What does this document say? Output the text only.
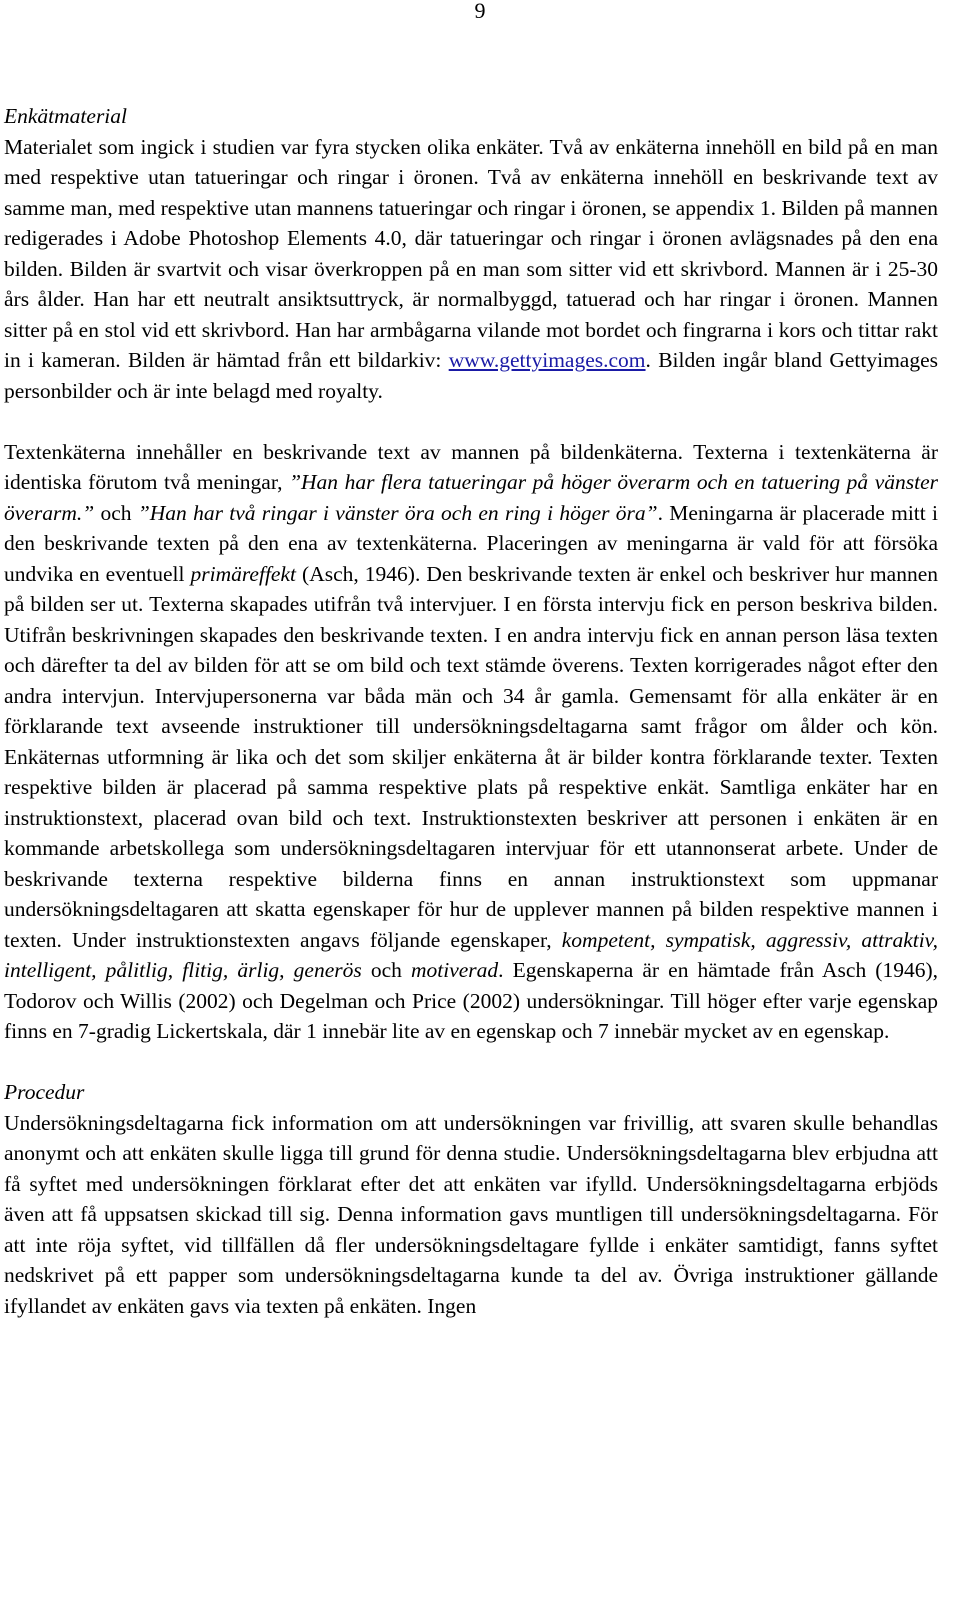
9

Enkätmaterial

Materialet som ingick i studien var fyra stycken olika enkäter. Två av enkäterna innehöll en bild på en man med respektive utan tatueringar och ringar i öronen. Två av enkäterna innehöll en beskrivande text av samme man, med respektive utan mannens tatueringar och ringar i öronen, se appendix 1. Bilden på mannen redigerades i Adobe Photoshop Elements 4.0, där tatueringar och ringar i öronen avlägsnades på den ena bilden. Bilden är svartvit och visar överkroppen på en man som sitter vid ett skrivbord. Mannen är i 25-30 års ålder. Han har ett neutralt ansiktsuttryck, är normalbyggd, tatuerad och har ringar i öronen. Mannen sitter på en stol vid ett skrivbord. Han har armbågarna vilande mot bordet och fingrarna i kors och tittar rakt in i kameran. Bilden är hämtad från ett bildarkiv: www.gettyimages.com. Bilden ingår bland Gettyimages personbilder och är inte belagd med royalty.

Textenkäterna innehåller en beskrivande text av mannen på bildenkäterna. Texterna i textenkäterna är identiska förutom två meningar, ”Han har flera tatueringar på höger överarm och en tatuering på vänster överarm.” och ”Han har två ringar i vänster öra och en ring i höger öra”. Meningarna är placerade mitt i den beskrivande texten på den ena av textenkäterna. Placeringen av meningarna är vald för att försöka undvika en eventuell primäreffekt (Asch, 1946). Den beskrivande texten är enkel och beskriver hur mannen på bilden ser ut. Texterna skapades utifrån två intervjuer. I en första intervju fick en person beskriva bilden. Utifrån beskrivningen skapades den beskrivande texten. I en andra intervju fick en annan person läsa texten och därefter ta del av bilden för att se om bild och text stämde överens. Texten korrigerades något efter den andra intervjun. Intervjupersonerna var båda män och 34 år gamla. Gemensamt för alla enkäter är en förklarande text avseende instruktioner till undersökningsdeltagarna samt frågor om ålder och kön. Enkäternas utformning är lika och det som skiljer enkäterna åt är bilder kontra förklarande texter. Texten respektive bilden är placerad på samma respektive plats på respektive enkät. Samtliga enkäter har en instruktionstext, placerad ovan bild och text. Instruktionstexten beskriver att personen i enkäten är en kommande arbetskollega som undersökningsdeltagaren intervjuar för ett utannonserat arbete. Under de beskrivande texterna respektive bilderna finns en annan instruktionstext som uppmanar undersökningsdeltagaren att skatta egenskaper för hur de upplever mannen på bilden respektive mannen i texten. Under instruktionstexten angavs följande egenskaper, kompetent, sympatisk, aggressiv, attraktiv, intelligent, pålitlig, flitig, ärlig, generös och motiverad. Egenskaperna är en hämtade från Asch (1946), Todorov och Willis (2002) och Degelman och Price (2002) undersökningar. Till höger efter varje egenskap finns en 7-gradig Lickertskala, där 1 innebär lite av en egenskap och 7 innebär mycket av en egenskap.

Procedur

Undersökningsdeltagarna fick information om att undersökningen var frivillig, att svaren skulle behandlas anonymt och att enkäten skulle ligga till grund för denna studie. Undersökningsdeltagarna blev erbjudna att få syftet med undersökningen förklarat efter det att enkäten var ifylld. Undersökningsdeltagarna erbjöds även att få uppsatsen skickad till sig. Denna information gavs muntligen till undersökningsdeltagarna. För att inte röja syftet, vid tillfällen då fler undersökningsdeltagare fyllde i enkäter samtidigt, fanns syftet nedskrivet på ett papper som undersökningsdeltagarna kunde ta del av. Övriga instruktioner gällande ifyllandet av enkäten gavs via texten på enkäten. Ingen
